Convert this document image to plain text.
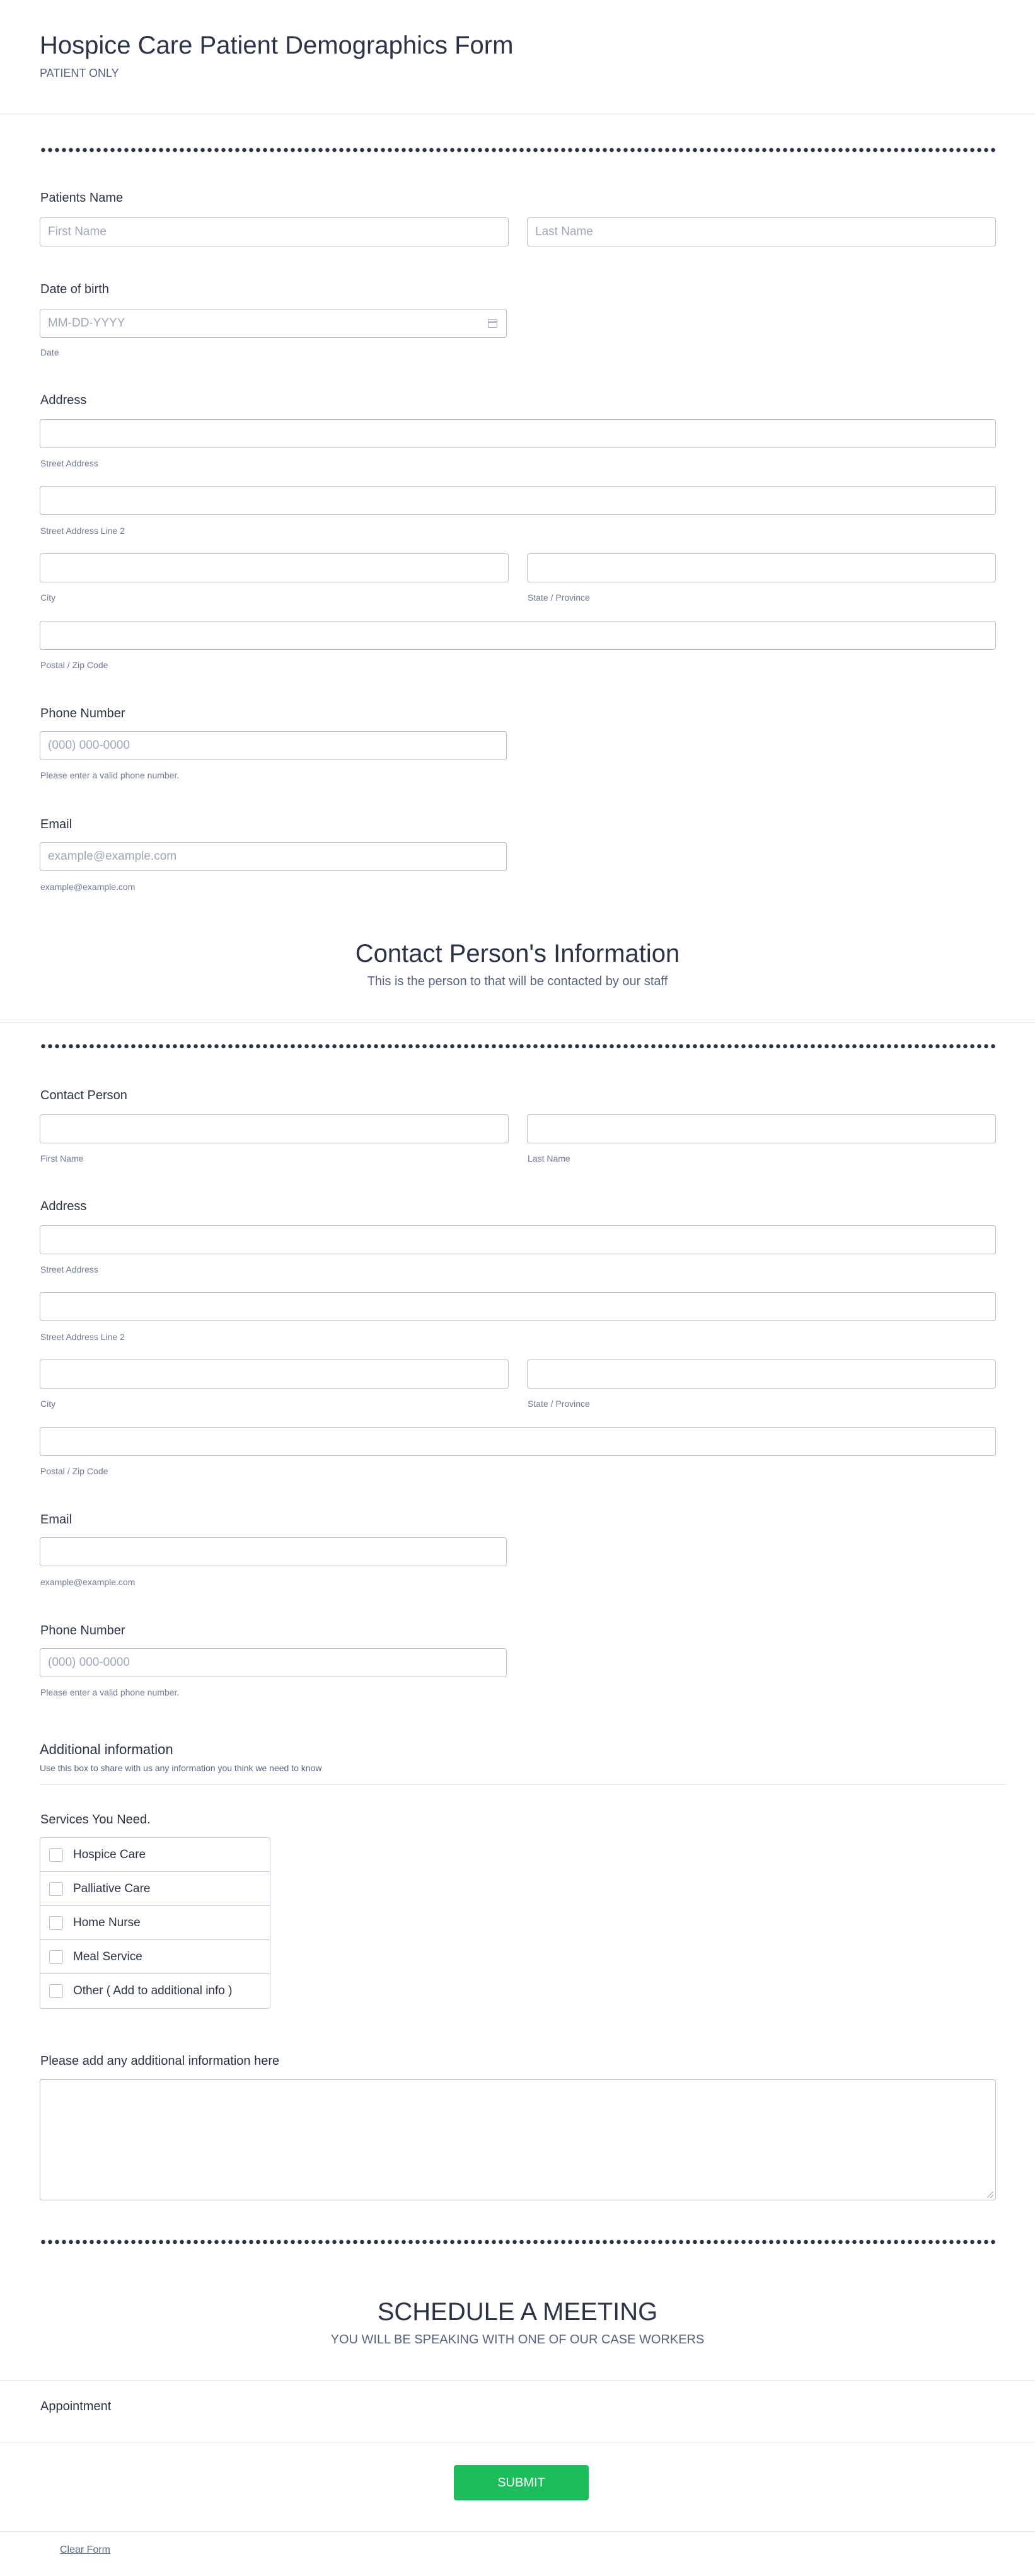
Hospice Care Patient Demographics Form
PATIENT ONLY
Patients Name
First Name	Last Name
Date of birth
MM-DD-YYYY
Date
Address
Street Address
Street Address Line 2
City	State / Province
Postal / Zip Code
Phone Number
(000) 000-0000
Please enter a valid phone number.
Email
example@example.com
example@example.com
Contact Person's Information
This is the person to that will be contacted by our staff
Contact Person
First Name	Last Name
Address
Street Address
Street Address Line 2
City	State / Province
Postal / Zip Code
Email
example@example.com
Phone Number
(000) 000-0000
Please enter a valid phone number.
Additional information
Use this box to share with us any information you think we need to know
Services You Need.
Hospice Care
Palliative Care
Home Nurse
Meal Service
Other ( Add to additional info )
Please add any additional information here
SCHEDULE A MEETING
YOU WILL BE SPEAKING WITH ONE OF OUR CASE WORKERS
Appointment
SUBMIT
Clear Form
